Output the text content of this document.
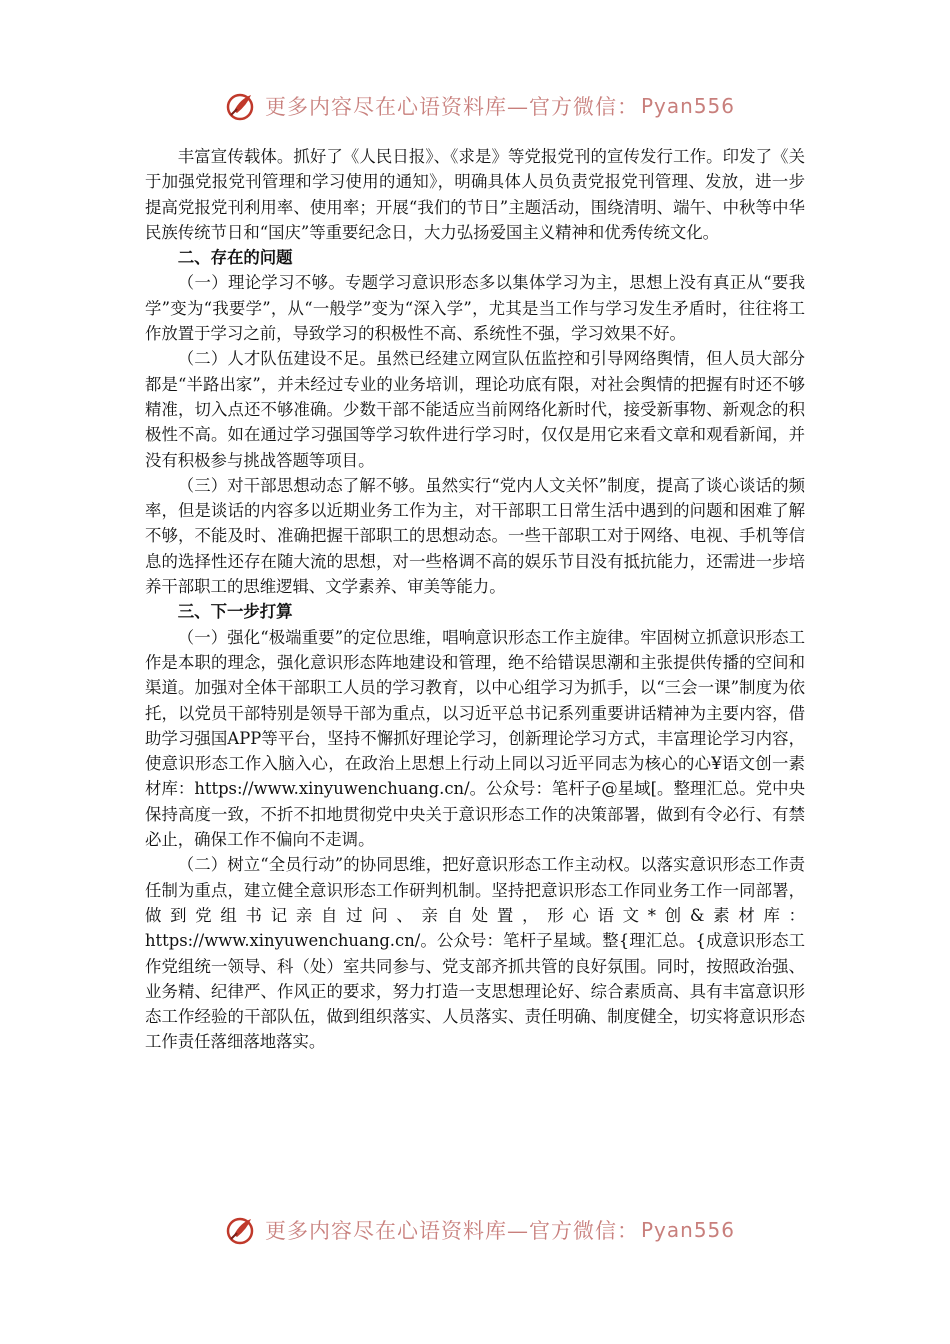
更多内容尽在心语资料库—官方微信： Pyan556

丰富宣传载体。抓好了《人民日报》、《求是》等党报党刊的宣传发行工作。印发了《关于加强党报党刊管理和学习使用的通知》，明确具体人员负责党报党刊管理、发放，进一步提高党报党刊利用率、使用率；开展“我们的节日”主题活动，围绕清明、端午、中秋等中华民族传统节日和“国庆”等重要纪念日，大力弘扬爱国主义精神和优秀传统文化。

二、存在的问题

（一）理论学习不够。专题学习意识形态多以集体学习为主，思想上没有真正从“要我学”变为“我要学”，从“一般学”变为“深入学”，尤其是当工作与学习发生矛盾时，往往将工作放置于学习之前，导致学习的积极性不高、系统性不强，学习效果不好。

（二）人才队伍建设不足。虽然已经建立网宣队伍监控和引导网络舆情，但人员大部分都是“半路出家”，并未经过专业的业务培训，理论功底有限，对社会舆情的把握有时还不够精准，切入点还不够准确。少数干部不能适应当前网络化新时代，接受新事物、新观念的积极性不高。如在通过学习强国等学习软件进行学习时，仅仅是用它来看文章和观看新闻，并没有积极参与挑战答题等项目。

（三）对干部思想动态了解不够。虽然实行“党内人文关怀”制度，提高了谈心谈话的频率，但是谈话的内容多以近期业务工作为主，对干部职工日常生活中遇到的问题和困难了解不够，不能及时、准确把握干部职工的思想动态。一些干部职工对于网络、电视、手机等信息的选择性还存在随大流的思想，对一些格调不高的娱乐节目没有抵抗能力，还需进一步培养干部职工的思维逻辑、文学素养、审美等能力。

三、下一步打算

（一）强化“极端重要”的定位思维，唱响意识形态工作主旋律。牢固树立抓意识形态工作是本职的理念，强化意识形态阵地建设和管理，绝不给错误思潮和主张提供传播的空间和渠道。加强对全体干部职工人员的学习教育，以中心组学习为抓手，以“三会一课”制度为依托，以党员干部特别是领导干部为重点，以习近平总书记系列重要讲话精神为主要内容，借助学习强国APP等平台，坚持不懈抓好理论学习，创新理论学习方式，丰富理论学习内容，使意识形态工作入脑入心，在政治上思想上行动上同以习近平同志为核心的心¥语文创一素材库：https://www.xinyuwenchuang.cn/。公众号：笔杆子@星域[。整理汇总。党中央保持高度一致，不折不扣地贯彻党中央关于意识形态工作的决策部署，做到有令必行、有禁必止，确保工作不偏向不走调。

（二）树立“全员行动”的协同思维，把好意识形态工作主动权。以落实意识形态工作责任制为重点，建立健全意识形态工作研判机制。坚持把意识形态工作同业务工作一同部署，做到党组书记亲自过问、亲自处置，形心语文*创&素材库：https://www.xinyuwenchuang.cn/。公众号：笔杆子星域。整{理汇总。{成意识形态工作党组统一领导、科（处）室共同参与、党支部齐抓共管的良好氛围。同时，按照政治强、业务精、纪律严、作风正的要求，努力打造一支思想理论好、综合素质高、具有丰富意识形态工作经验的干部队伍，做到组织落实、人员落实、责任明确、制度健全，切实将意识形态工作责任落细落地落实。

更多内容尽在心语资料库—官方微信： Pyan556
